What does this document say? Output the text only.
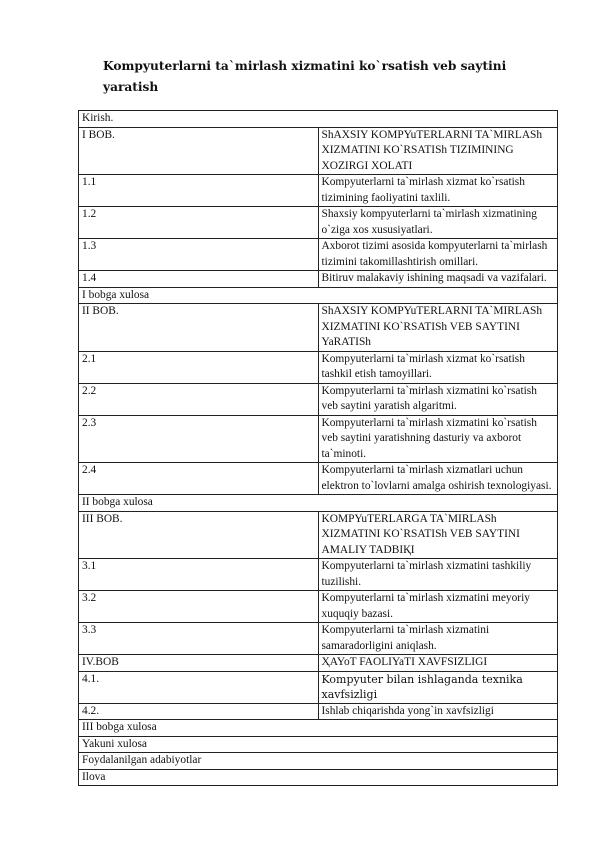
Kompyuterlarni ta`mirlash xizmatini ko`rsatish veb saytini yaratish
Kirish.	
I BOB.	ShAXSIY KOMPYuTERLARNI TA`MIRLASh XIZMATINI KO`RSATISh TIZIMINING XOZIRGI XOLATI
1.1	Kompyuterlarni ta`mirlash xizmat ko`rsatish tizimining faoliyatini taxlili.
1.2	Shaxsiy kompyuterlarni ta`mirlash xizmatining o`ziga xos xususiyatlari.
1.3	Axborot tizimi asosida kompyuterlarni ta`mirlash tizimini takomillashtirish omillari.
1.4	Bitiruv malakaviy ishining maqsadi va vazifalari.
I bobga xulosa	
II BOB.	ShAXSIY KOMPYuTERLARNI TA`MIRLASh XIZMATINI KO`RSATISh VEB SAYTINI YaRATISh
2.1	Kompyuterlarni ta`mirlash xizmat ko`rsatish tashkil etish tamoyillari.
2.2	Kompyuterlarni ta`mirlash xizmatini ko`rsatish veb saytini yaratish algaritmi.
2.3	Kompyuterlarni ta`mirlash xizmatini ko`rsatish veb saytini yaratishning dasturiy va axborot ta`minoti.
2.4	Kompyuterlarni ta`mirlash xizmatlari uchun elektron to`lovlarni amalga oshirish texnologiyasi.
II bobga xulosa	
III BOB.	KOMPYuTERLARGA TA`MIRLASh XIZMATINI KO`RSATISh VEB SAYTINI AMALIY TADBIҚI
3.1	Kompyuterlarni ta`mirlash xizmatini tashkiliy tuzilishi.
3.2	Kompyuterlarni ta`mirlash xizmatini meyoriy xuquqiy bazasi.
3.3	Kompyuterlarni ta`mirlash xizmatini samaradorligini aniqlash.
IV.BOB	ҲAYoT FAOLIYaTI XAVFSIZLIGI
4.1.	Kompyuter bilan ishlaganda texnika xavfsizligi
4.2.	Ishlab chiqarishda yong`in xavfsizligi
III bobga xulosa	
Yakuni xulosa	
Foydalanilgan adabiyotlar	
Ilova	
